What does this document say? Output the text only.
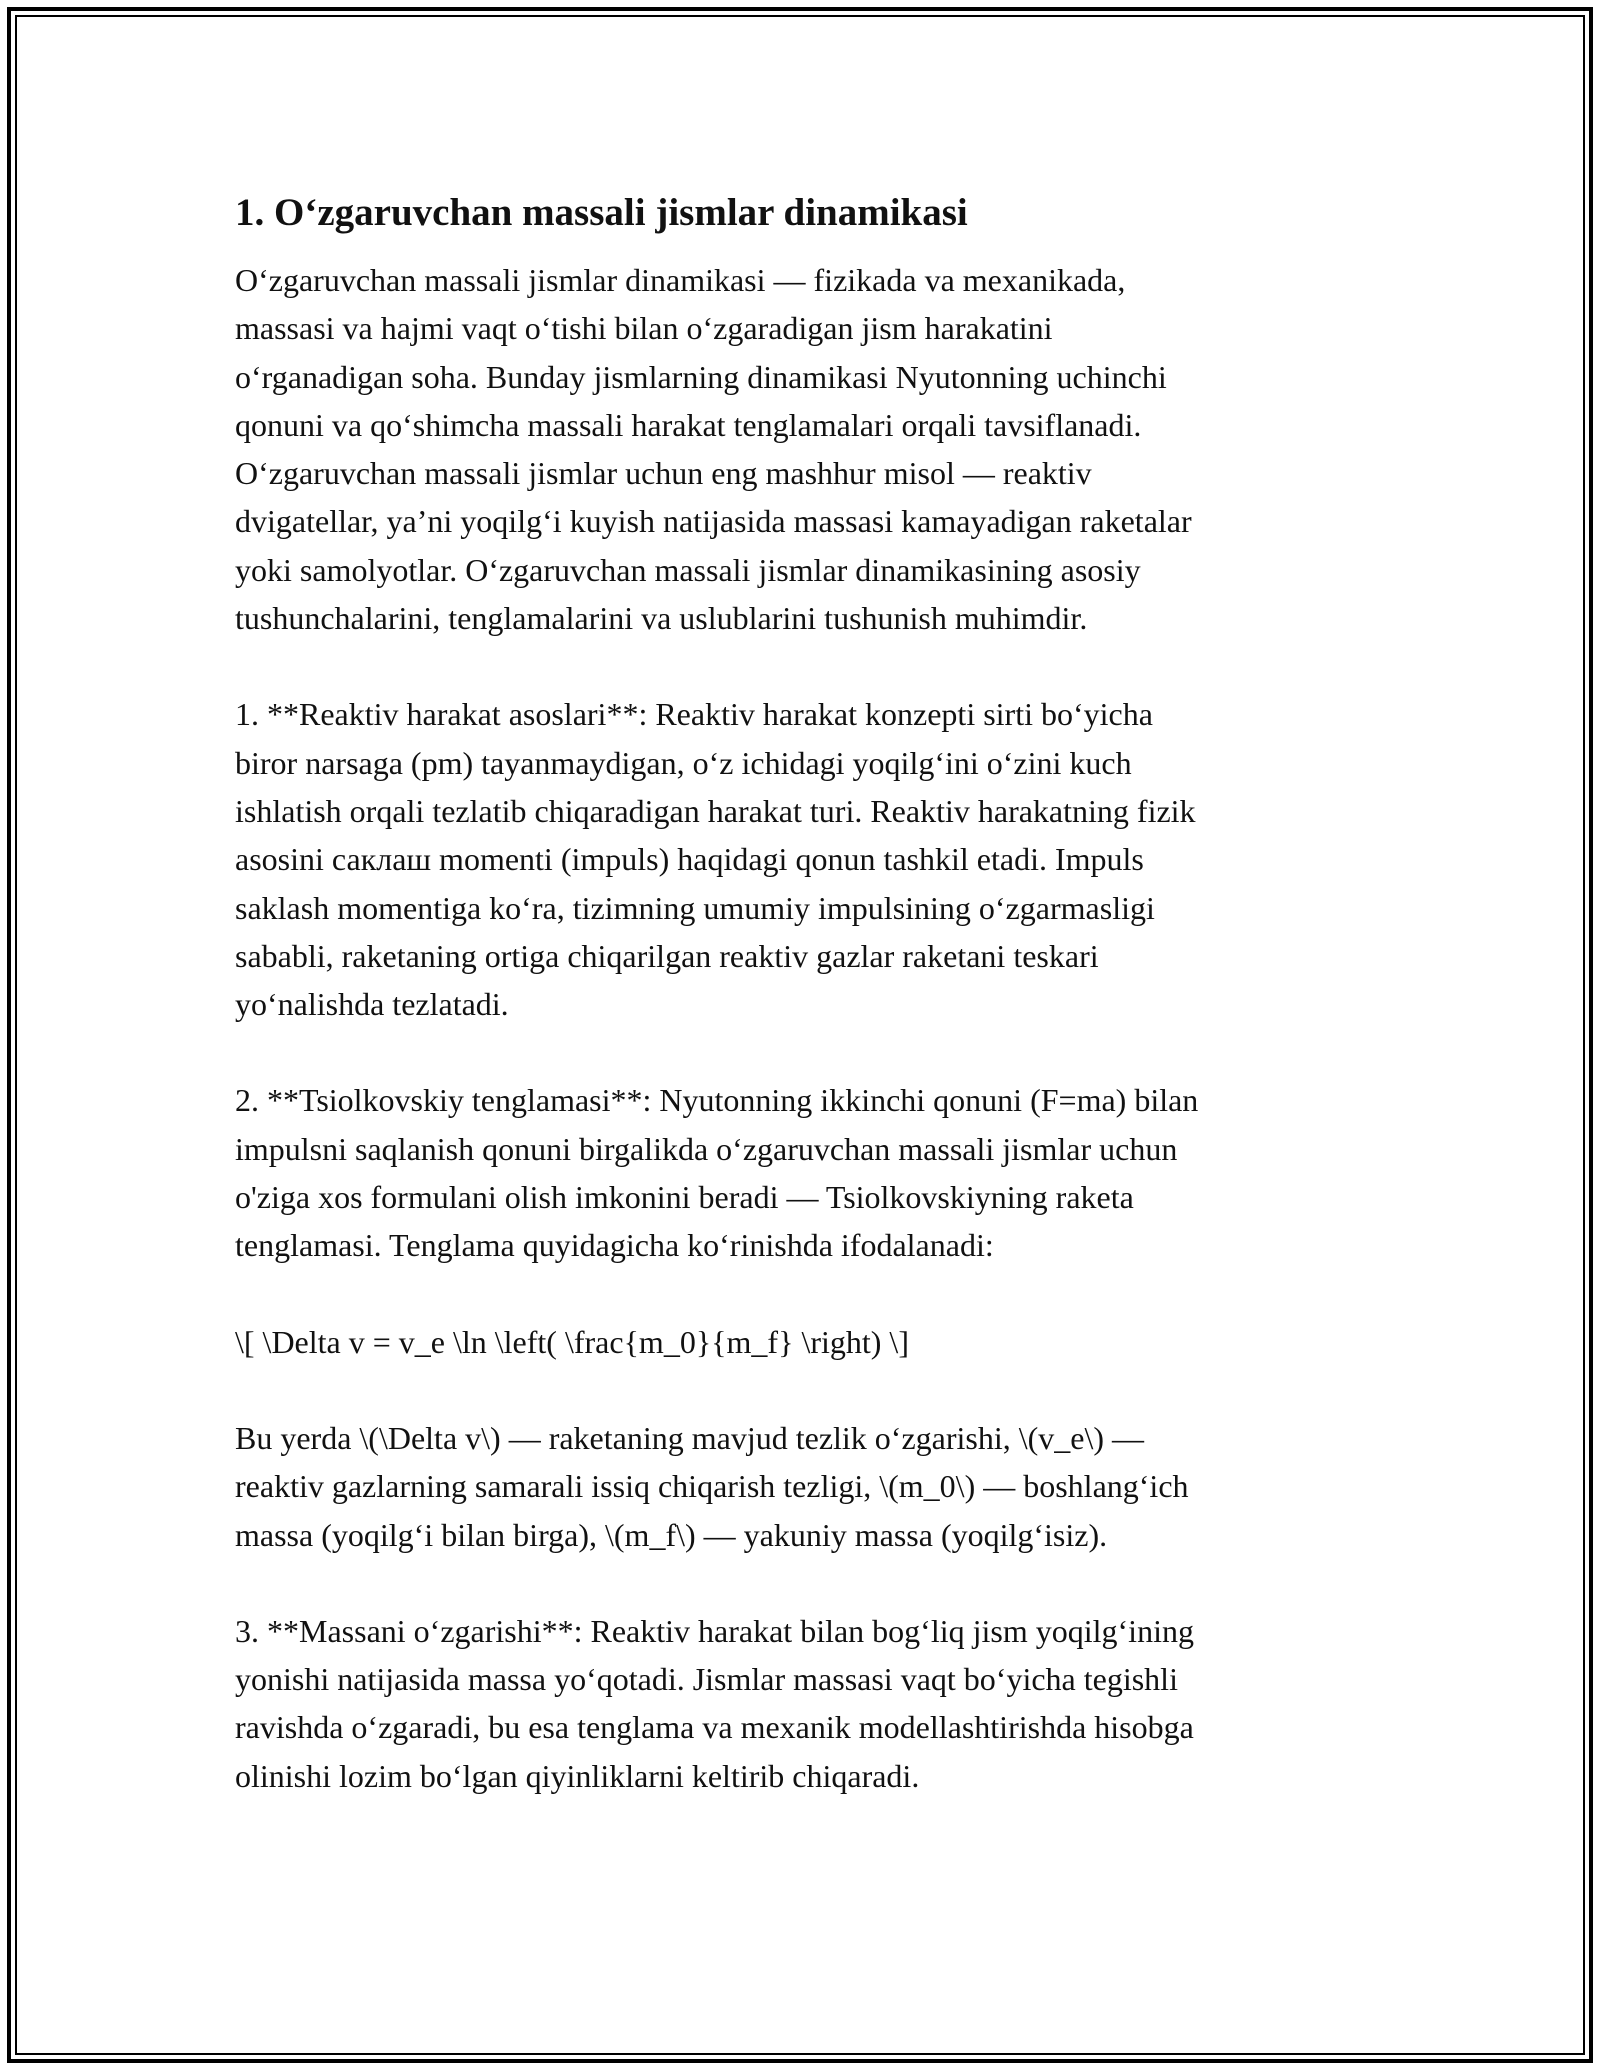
1. Oʻzgaruvchan massali jismlar dinamikasi

Oʻzgaruvchan massali jismlar dinamikasi — fizikada va mexanikada,
massasi va hajmi vaqt oʻtishi bilan oʻzgaradigan jism harakatini
oʻrganadigan soha. Bunday jismlarning dinamikasi Nyutonning uchinchi
qonuni va qoʻshimcha massali harakat tenglamalari orqali tavsiflanadi.
Oʻzgaruvchan massali jismlar uchun eng mashhur misol — reaktiv
dvigatellar, yaʼni yoqilgʻi kuyish natijasida massasi kamayadigan raketalar
yoki samolyotlar. Oʻzgaruvchan massali jismlar dinamikasining asosiy
tushunchalarini, tenglamalarini va uslublarini tushunish muhimdir.

1. **Reaktiv harakat asoslari**: Reaktiv harakat konzepti sirti boʻyicha
biror narsaga (pm) tayanmaydigan, oʻz ichidagi yoqilgʻini oʻzini kuch
ishlatish orqali tezlatib chiqaradigan harakat turi. Reaktiv harakatning fizik
asosini саклаш momenti (impuls) haqidagi qonun tashkil etadi. Impuls
saklash momentiga koʻra, tizimning umumiy impulsining oʻzgarmasligi
sababli, raketaning ortiga chiqarilgan reaktiv gazlar raketani teskari
yoʻnalishda tezlatadi.

2. **Tsiolkovskiy tenglamasi**: Nyutonning ikkinchi qonuni (F=ma) bilan
impulsni saqlanish qonuni birgalikda oʻzgaruvchan massali jismlar uchun
o'ziga xos formulani olish imkonini beradi — Tsiolkovskiyning raketa
tenglamasi. Tenglama quyidagicha koʻrinishda ifodalanadi:

\[ \Delta v = v_e \ln \left( \frac{m_0}{m_f} \right) \]

Bu yerda \(\Delta v\) — raketaning mavjud tezlik oʻzgarishi, \(v_e\) —
reaktiv gazlarning samarali issiq chiqarish tezligi, \(m_0\) — boshlangʻich
massa (yoqilgʻi bilan birga), \(m_f\) — yakuniy massa (yoqilgʻisiz).

3. **Massani oʻzgarishi**: Reaktiv harakat bilan bogʻliq jism yoqilgʻining
yonishi natijasida massa yoʻqotadi. Jismlar massasi vaqt boʻyicha tegishli
ravishda oʻzgaradi, bu esa tenglama va mexanik modellashtirishda hisobga
olinishi lozim boʻlgan qiyinliklarni keltirib chiqaradi.
